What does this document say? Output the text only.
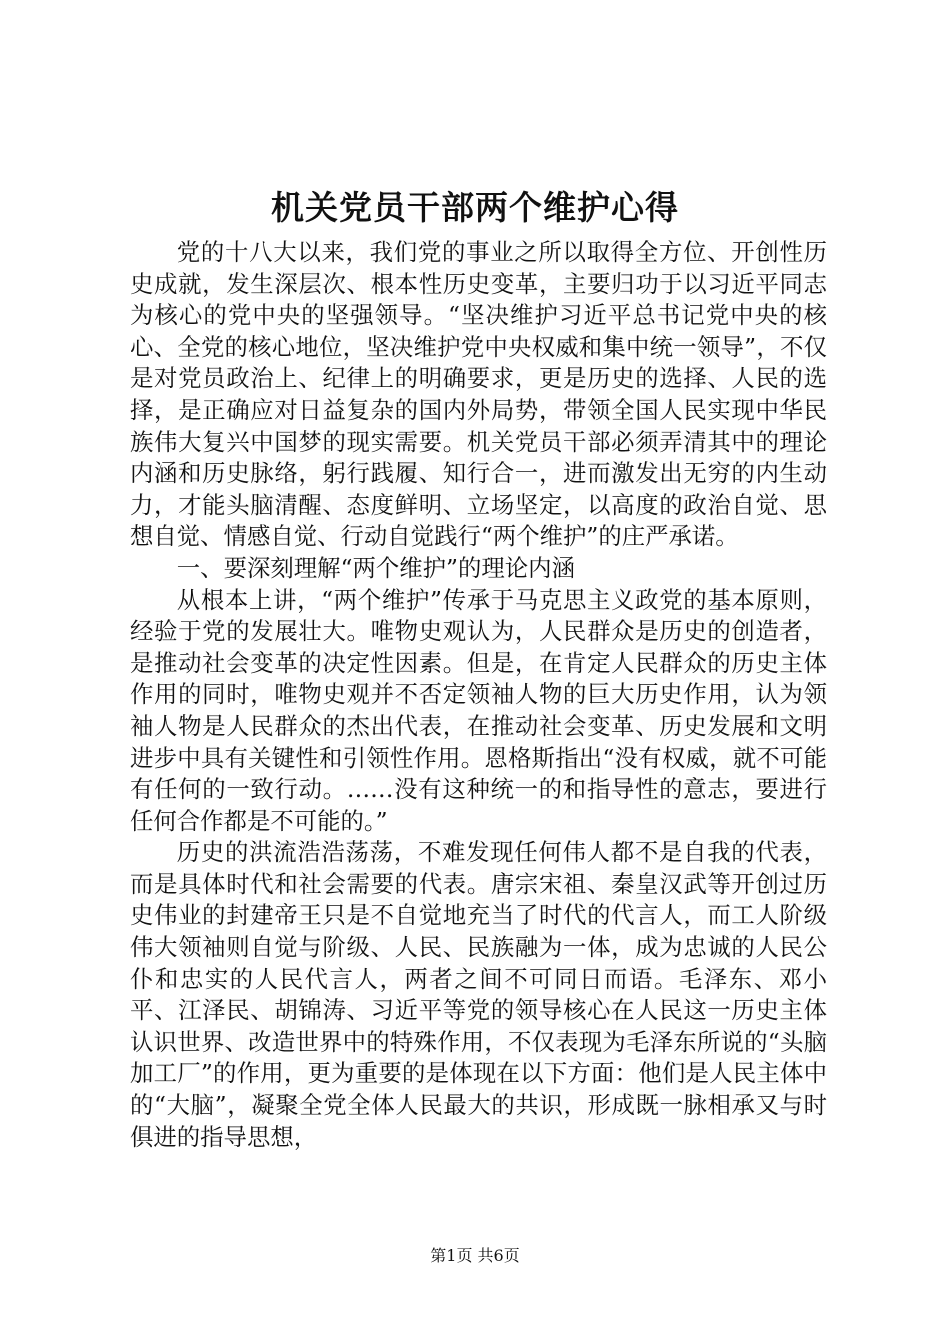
机关党员干部两个维护心得

党的十八大以来，我们党的事业之所以取得全方位、开创性历史成就，发生深层次、根本性历史变革，主要归功于以习近平同志为核心的党中央的坚强领导。“坚决维护习近平总书记党中央的核心、全党的核心地位，坚决维护党中央权威和集中统一领导”，不仅是对党员政治上、纪律上的明确要求，更是历史的选择、人民的选择，是正确应对日益复杂的国内外局势，带领全国人民实现中华民族伟大复兴中国梦的现实需要。机关党员干部必须弄清其中的理论内涵和历史脉络，躬行践履、知行合一，进而激发出无穷的内生动力，才能头脑清醒、态度鲜明、立场坚定，以高度的政治自觉、思想自觉、情感自觉、行动自觉践行“两个维护”的庄严承诺。

一、要深刻理解“两个维护”的理论内涵

从根本上讲，“两个维护”传承于马克思主义政党的基本原则，经验于党的发展壮大。唯物史观认为，人民群众是历史的创造者，是推动社会变革的决定性因素。但是，在肯定人民群众的历史主体作用的同时，唯物史观并不否定领袖人物的巨大历史作用，认为领袖人物是人民群众的杰出代表，在推动社会变革、历史发展和文明进步中具有关键性和引领性作用。恩格斯指出“没有权威，就不可能有任何的一致行动。……没有这种统一的和指导性的意志，要进行任何合作都是不可能的。”

历史的洪流浩浩荡荡，不难发现任何伟人都不是自我的代表，而是具体时代和社会需要的代表。唐宗宋祖、秦皇汉武等开创过历史伟业的封建帝王只是不自觉地充当了时代的代言人，而工人阶级伟大领袖则自觉与阶级、人民、民族融为一体，成为忠诚的人民公仆和忠实的人民代言人，两者之间不可同日而语。毛泽东、邓小平、江泽民、胡锦涛、习近平等党的领导核心在人民这一历史主体认识世界、改造世界中的特殊作用，不仅表现为毛泽东所说的“头脑加工厂”的作用，更为重要的是体现在以下方面：他们是人民主体中的“大脑”，凝聚全党全体人民最大的共识，形成既一脉相承又与时俱进的指导思想，

第1页 共6页
